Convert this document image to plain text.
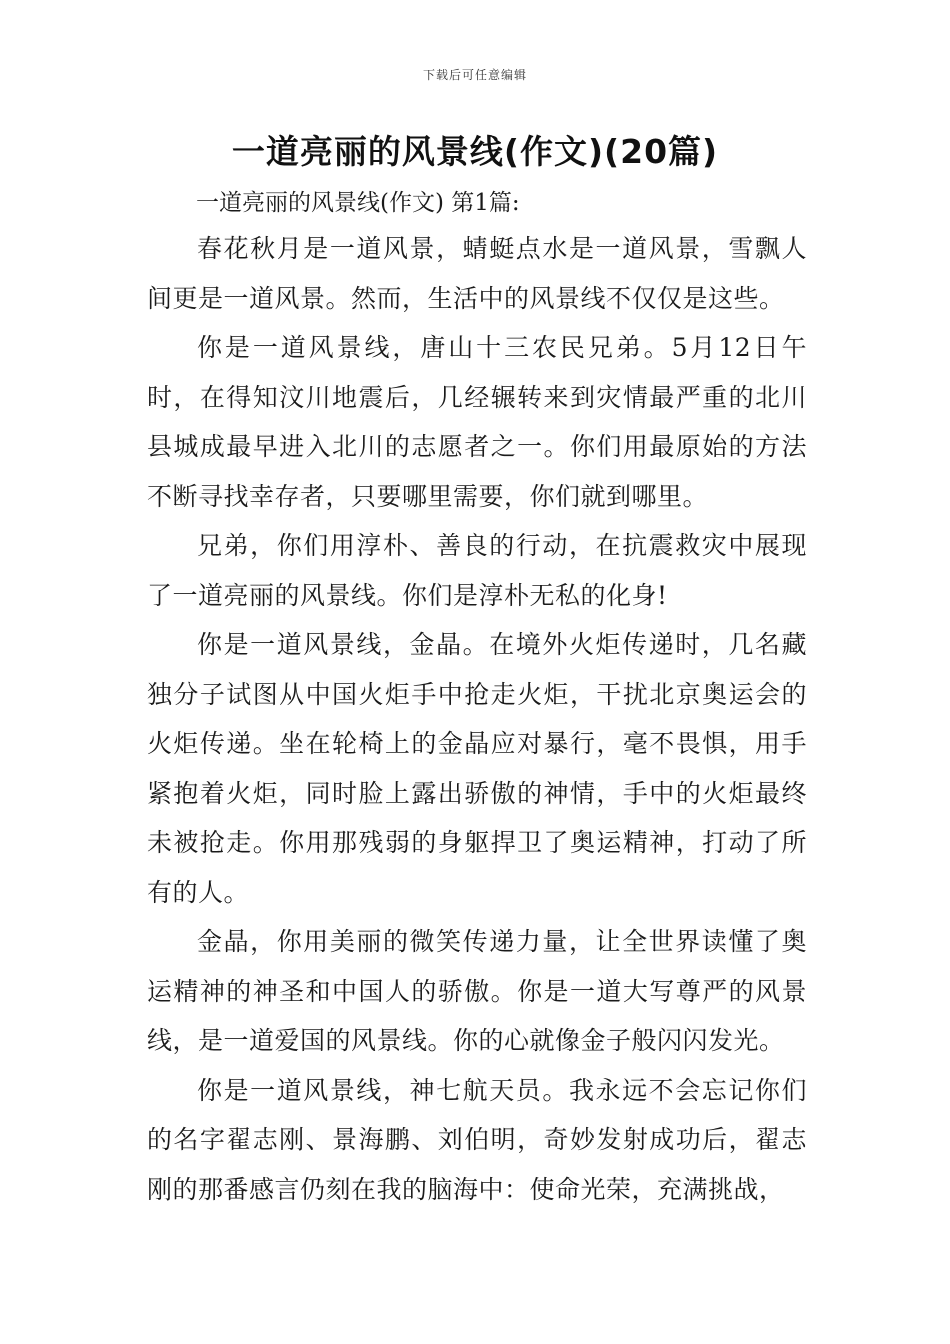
下载后可任意编辑
一道亮丽的风景线(作文)(20篇)
一道亮丽的风景线(作文) 第1篇:

春花秋月是一道风景，蜻蜓点水是一道风景，雪飘人间更是一道风景。然而，生活中的风景线不仅仅是这些。

你是一道风景线，唐山十三农民兄弟。5月12日午时，在得知汶川地震后，几经辗转来到灾情最严重的北川县城成最早进入北川的志愿者之一。你们用最原始的方法不断寻找幸存者，只要哪里需要，你们就到哪里。

兄弟，你们用淳朴、善良的行动，在抗震救灾中展现了一道亮丽的风景线。你们是淳朴无私的化身!

你是一道风景线，金晶。在境外火炬传递时，几名藏独分子试图从中国火炬手中抢走火炬，干扰北京奥运会的火炬传递。坐在轮椅上的金晶应对暴行，毫不畏惧，用手紧抱着火炬，同时脸上露出骄傲的神情，手中的火炬最终未被抢走。你用那残弱的身躯捍卫了奥运精神，打动了所有的人。

金晶，你用美丽的微笑传递力量，让全世界读懂了奥运精神的神圣和中国人的骄傲。你是一道大写尊严的风景线，是一道爱国的风景线。你的心就像金子般闪闪发光。

你是一道风景线，神七航天员。我永远不会忘记你们的名字翟志刚、景海鹏、刘伯明，奇妙发射成功后，翟志刚的那番感言仍刻在我的脑海中：使命光荣，充满挑战，
